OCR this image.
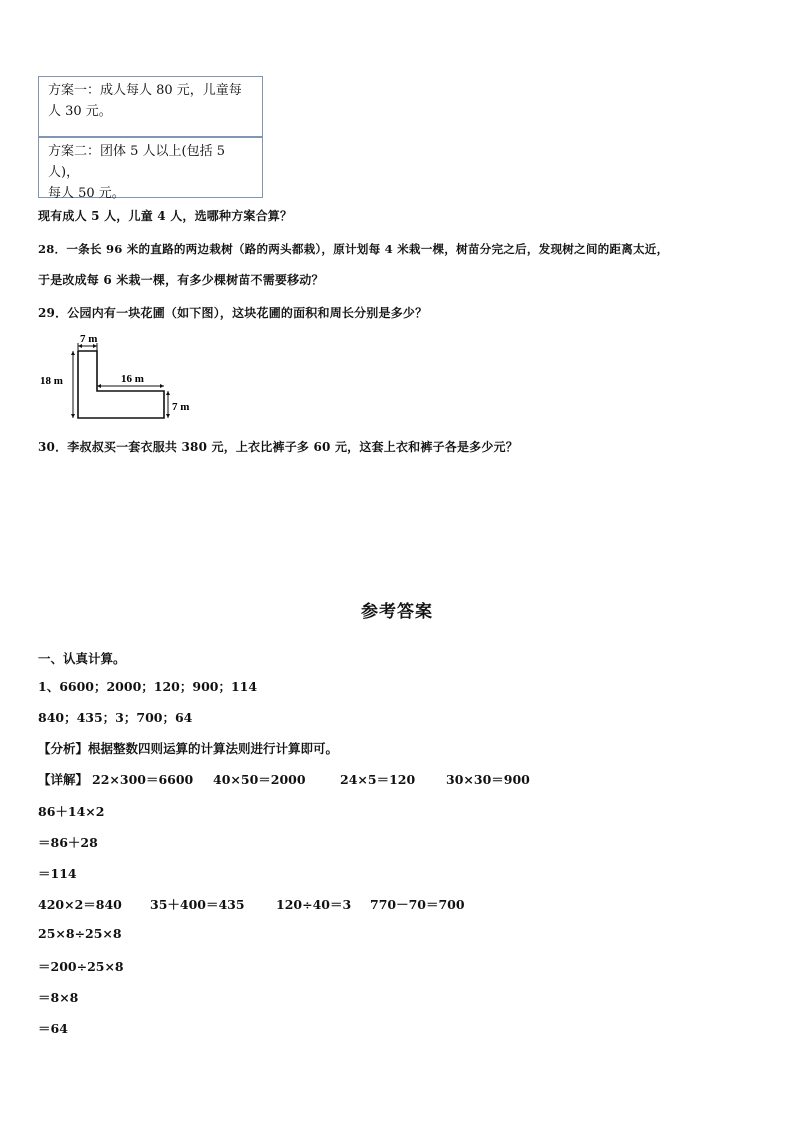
方案一：成人每人 80 元，儿童每
人 30 元。
方案二：团体 5 人以上(包括 5 人)，
每人 50 元。
现有成人 5 人，儿童 4 人，选哪种方案合算？
28．一条长 96 米的直路的两边栽树（路的两头都栽），原计划每 4 米栽一棵，树苗分完之后，发现树之间的距离太近，
于是改成每 6 米栽一棵，有多少棵树苗不需要移动？
29．公园内有一块花圃（如下图），这块花圃的面积和周长分别是多少？
7 m
18 m	16 m
7 m
30．李叔叔买一套衣服共 380 元，上衣比裤子多 60 元，这套上衣和裤子各是多少元？
参考答案
一、认真计算。
1、6600；2000；120；900；114
840；435；3；700；64
【分析】根据整数四则运算的计算法则进行计算即可。
【详解】 22×300＝6600 40×50＝2000	24×5＝120 30×30＝900
86＋14×2
＝86＋28
＝114
420×2＝840 35＋400＝435	120÷40＝3 770－70＝700
25×8÷25×8
＝200÷25×8
＝8×8
＝64
